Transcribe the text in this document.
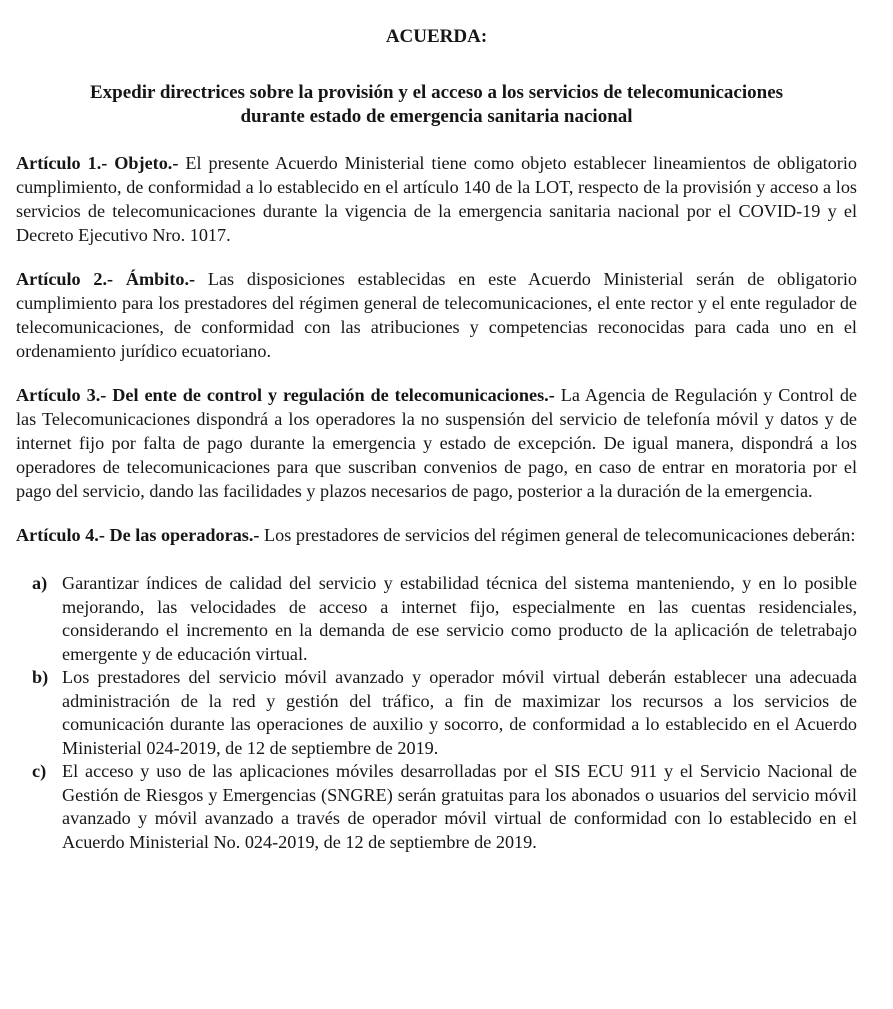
ACUERDA:
Expedir directrices sobre la provisión y el acceso a los servicios de telecomunicaciones
durante estado de emergencia sanitaria nacional

Artículo 1.- Objeto.- El presente Acuerdo Ministerial tiene como objeto establecer lineamientos de obligatorio cumplimiento, de conformidad a lo establecido en el artículo 140 de la LOT, respecto de la provisión y acceso a los servicios de telecomunicaciones durante la vigencia de la emergencia sanitaria nacional por el COVID-19 y el Decreto Ejecutivo Nro. 1017.

Artículo 2.- Ámbito.- Las disposiciones establecidas en este Acuerdo Ministerial serán de obligatorio cumplimiento para los prestadores del régimen general de telecomunicaciones, el ente rector y el ente regulador de telecomunicaciones, de conformidad con las atribuciones y competencias reconocidas para cada uno en el ordenamiento jurídico ecuatoriano.

Artículo 3.- Del ente de control y regulación de telecomunicaciones.- La Agencia de Regulación y Control de las Telecomunicaciones dispondrá a los operadores la no suspensión del servicio de telefonía móvil y datos y de internet fijo por falta de pago durante la emergencia y estado de excepción. De igual manera, dispondrá a los operadores de telecomunicaciones para que suscriban convenios de pago, en caso de entrar en moratoria por el pago del servicio, dando las facilidades y plazos necesarios de pago, posterior a la duración de la emergencia.

Artículo 4.- De las operadoras.- Los prestadores de servicios del régimen general de telecomunicaciones deberán:

a) Garantizar índices de calidad del servicio y estabilidad técnica del sistema manteniendo, y en lo posible mejorando, las velocidades de acceso a internet fijo, especialmente en las cuentas residenciales, considerando el incremento en la demanda de ese servicio como producto de la aplicación de teletrabajo emergente y de educación virtual.
b) Los prestadores del servicio móvil avanzado y operador móvil virtual deberán establecer una adecuada administración de la red y gestión del tráfico, a fin de maximizar los recursos a los servicios de comunicación durante las operaciones de auxilio y socorro, de conformidad a lo establecido en el Acuerdo Ministerial 024-2019, de 12 de septiembre de 2019.
c) El acceso y uso de las aplicaciones móviles desarrolladas por el SIS ECU 911 y el Servicio Nacional de Gestión de Riesgos y Emergencias (SNGRE) serán gratuitas para los abonados o usuarios del servicio móvil avanzado y móvil avanzado a través de operador móvil virtual de conformidad con lo establecido en el Acuerdo Ministerial No. 024-2019, de 12 de septiembre de 2019.
